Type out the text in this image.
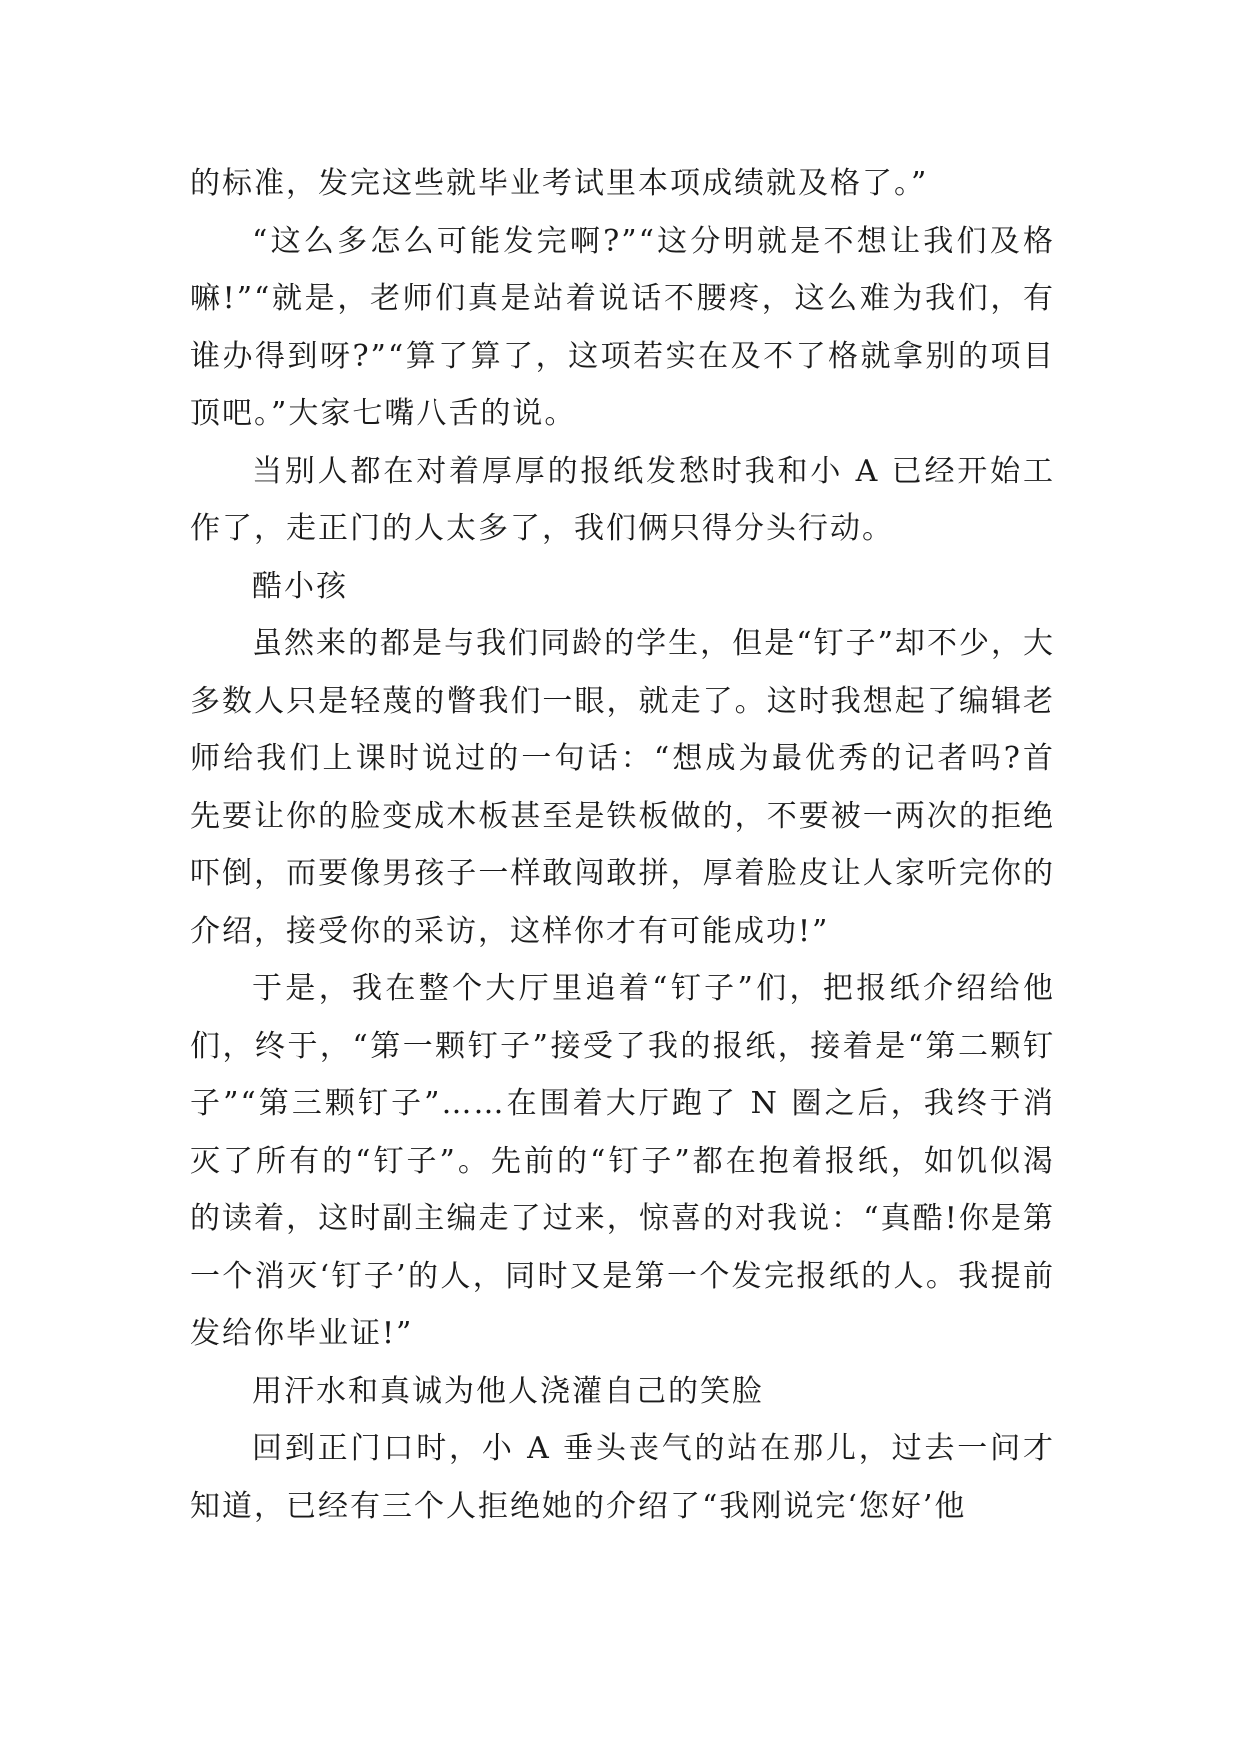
的标准，发完这些就毕业考试里本项成绩就及格了。”

“这么多怎么可能发完啊?”“这分明就是不想让我们及格嘛!”“就是，老师们真是站着说话不腰疼，这么难为我们，有谁办得到呀?”“算了算了，这项若实在及不了格就拿别的项目顶吧。”大家七嘴八舌的说。

当别人都在对着厚厚的报纸发愁时我和小 A 已经开始工作了，走正门的人太多了，我们俩只得分头行动。

酷小孩

虽然来的都是与我们同龄的学生，但是“钉子”却不少，大多数人只是轻蔑的瞥我们一眼，就走了。这时我想起了编辑老师给我们上课时说过的一句话：“想成为最优秀的记者吗?首先要让你的脸变成木板甚至是铁板做的，不要被一两次的拒绝吓倒，而要像男孩子一样敢闯敢拼，厚着脸皮让人家听完你的介绍，接受你的采访，这样你才有可能成功!”

于是，我在整个大厅里追着“钉子”们，把报纸介绍给他们，终于，“第一颗钉子”接受了我的报纸，接着是“第二颗钉子”“第三颗钉子”……在围着大厅跑了 N 圈之后，我终于消灭了所有的“钉子”。先前的“钉子”都在抱着报纸，如饥似渴的读着，这时副主编走了过来，惊喜的对我说：“真酷!你是第一个消灭‘钉子’的人，同时又是第一个发完报纸的人。我提前发给你毕业证!”

用汗水和真诚为他人浇灌自己的笑脸

回到正门口时，小 A 垂头丧气的站在那儿，过去一问才知道，已经有三个人拒绝她的介绍了“我刚说完‘您好’他
